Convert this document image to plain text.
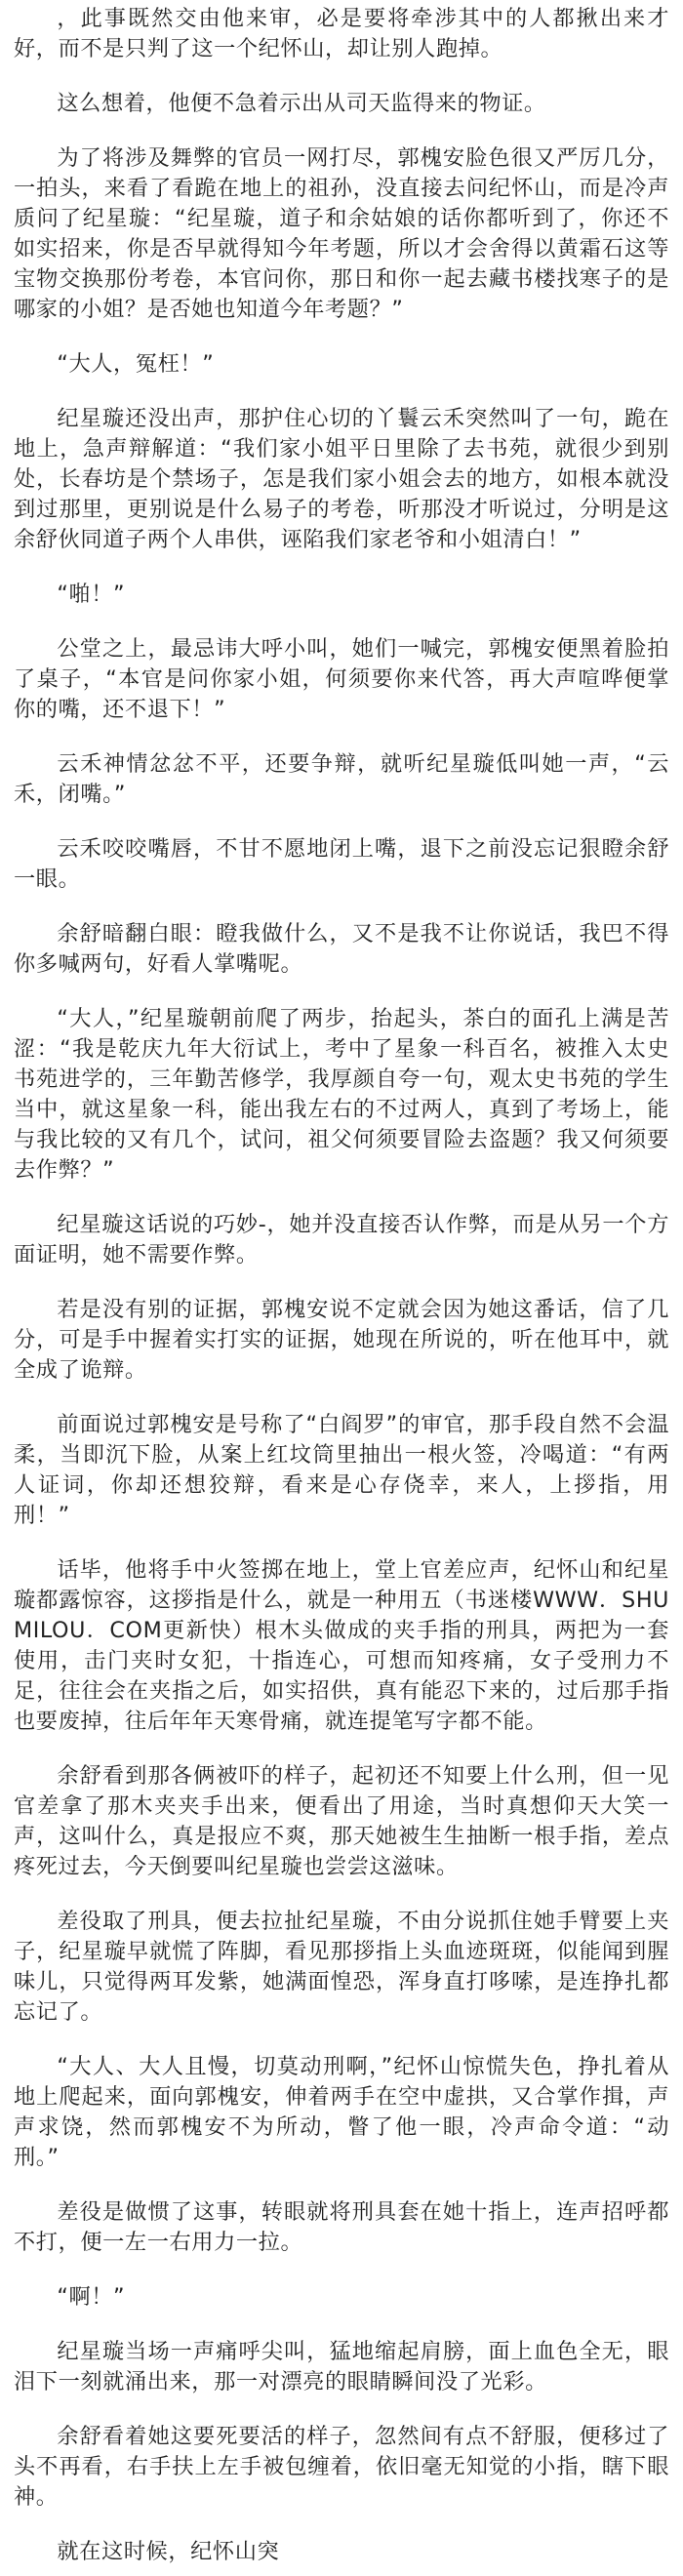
，此事既然交由他来审，必是要将牵涉其中的人都揪出来才好，而不是只判了这一个纪怀山，却让别人跑掉。

这么想着，他便不急着示出从司天监得来的物证。

为了将涉及舞弊的官员一网打尽，郭槐安脸色很又严厉几分，一拍头，来看了看跪在地上的祖孙，没直接去问纪怀山，而是冷声质问了纪星璇：“纪星璇，道子和余姑娘的话你都听到了，你还不如实招来，你是否早就得知今年考题，所以才会舍得以黄霜石这等宝物交换那份考卷，本官问你，那日和你一起去藏书楼找寒子的是哪家的小姐？是否她也知道今年考题？”

“大人，冤枉！”

纪星璇还没出声，那护住心切的丫鬟云禾突然叫了一句，跪在地上，急声辩解道：“我们家小姐平日里除了去书苑，就很少到别处，长春坊是个禁场子，怎是我们家小姐会去的地方，如根本就没到过那里，更别说是什么易子的考卷，听那没才听说过，分明是这余舒伙同道子两个人串供，诬陷我们家老爷和小姐清白！”

“啪！”

公堂之上，最忌讳大呼小叫，她们一喊完，郭槐安便黑着脸拍了桌子，“本官是问你家小姐，何须要你来代答，再大声喧哗便掌你的嘴，还不退下！”

云禾神情忿忿不平，还要争辩，就听纪星璇低叫她一声，“云禾，闭嘴。”

云禾咬咬嘴唇，不甘不愿地闭上嘴，退下之前没忘记狠瞪余舒一眼。

余舒暗翻白眼：瞪我做什么，又不是我不让你说话，我巴不得你多喊两句，好看人掌嘴呢。

“大人，”纪星璇朝前爬了两步，抬起头，茶白的面孔上满是苦涩：“我是乾庆九年大衍试上，考中了星象一科百名，被推入太史书苑进学的，三年勤苦修学，我厚颜自夸一句，观太史书苑的学生当中，就这星象一科，能出我左右的不过两人，真到了考场上，能与我比较的又有几个，试问，祖父何须要冒险去盗题？我又何须要去作弊？”

纪星璇这话说的巧妙-，她并没直接否认作弊，而是从另一个方面证明，她不需要作弊。

若是没有别的证据，郭槐安说不定就会因为她这番话，信了几分，可是手中握着实打实的证据，她现在所说的，听在他耳中，就全成了诡辩。

前面说过郭槐安是号称了“白阎罗”的审官，那手段自然不会温柔，当即沉下脸，从案上红坟筒里抽出一根火签，冷喝道：“有两人证词，你却还想狡辩，看来是心存侥幸，来人，上拶指，用刑！”

话毕，他将手中火签掷在地上，堂上官差应声，纪怀山和纪星璇都露惊容，这拶指是什么，就是一种用五（书迷楼WWW．SHUMILOU．COM更新快）根木头做成的夹手指的刑具，两把为一套使用，击门夹时女犯，十指连心，可想而知疼痛，女子受刑力不足，往往会在夹指之后，如实招供，真有能忍下来的，过后那手指也要废掉，往后年年天寒骨痛，就连提笔写字都不能。

余舒看到那各俩被吓的样子，起初还不知要上什么刑，但一见官差拿了那木夹夹手出来，便看出了用途，当时真想仰天大笑一声，这叫什么，真是报应不爽，那天她被生生抽断一根手指，差点疼死过去，今天倒要叫纪星璇也尝尝这滋味。

差役取了刑具，便去拉扯纪星璇，不由分说抓住她手臂要上夹子，纪星璇早就慌了阵脚，看见那拶指上头血迹斑斑，似能闻到腥味儿，只觉得两耳发紫，她满面惶恐，浑身直打哆嗦，是连挣扎都忘记了。

“大人、大人且慢，切莫动刑啊，”纪怀山惊慌失色，挣扎着从地上爬起来，面向郭槐安，伸着两手在空中虚拱，又合掌作揖，声声求饶，然而郭槐安不为所动，瞥了他一眼，冷声命令道：“动刑。”

差役是做惯了这事，转眼就将刑具套在她十指上，连声招呼都不打，便一左一右用力一拉。

“啊！”

纪星璇当场一声痛呼尖叫，猛地缩起肩膀，面上血色全无，眼泪下一刻就涌出来，那一对漂亮的眼睛瞬间没了光彩。

余舒看着她这要死要活的样子，忽然间有点不舒服，便移过了头不再看，右手扶上左手被包缠着，依旧毫无知觉的小指，瞎下眼神。

就在这时候，纪怀山突
